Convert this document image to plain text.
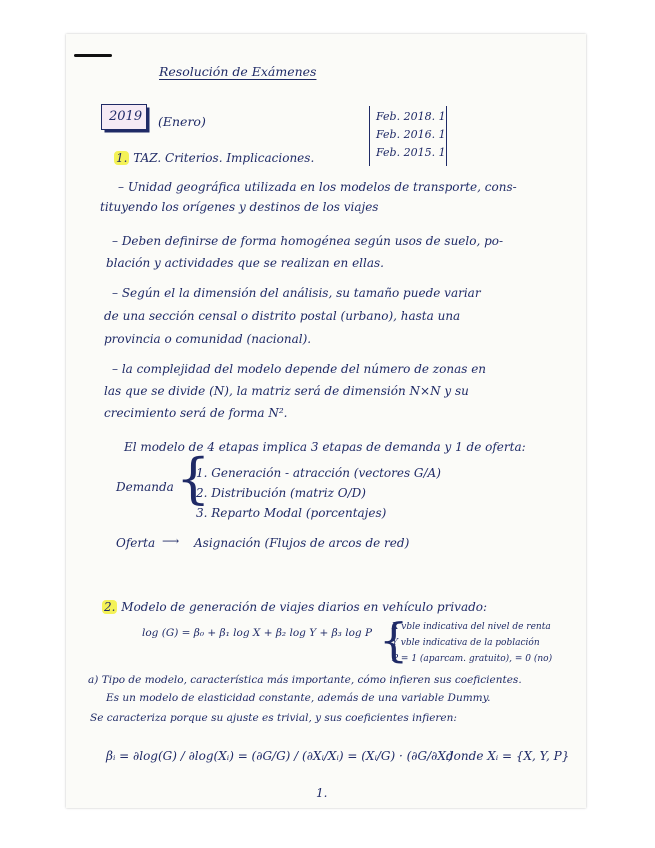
Resolución de Exámenes
2019 (Enero)	Feb. 2018. 1
Feb. 2016. 1
Feb. 2015. 1
1. TAZ. Criterios. Implicaciones.
– Unidad geográfica utilizada en los modelos de transporte, cons-
tituyendo los orígenes y destinos de los viajes
– Deben definirse de forma homogénea según usos de suelo, po-
blación y actividades que se realizan en ellas.
– Según el la dimensión del análisis, su tamaño puede variar
de una sección censal o distrito postal (urbano), hasta una
provincia o comunidad (nacional).
– la complejidad del modelo depende del número de zonas en
las que se divide (N), la matriz será de dimensión N×N y su
crecimiento será de forma N².
El modelo de 4 etapas implica 3 etapas de demanda y 1 de oferta:
Demanda {
1. Generación - atracción (vectores G/A)
2. Distribución (matriz O/D)
3. Reparto Modal (porcentajes)
Oferta ⟶ Asignación (Flujos de arcos de red)
2. Modelo de generación de viajes diarios en vehículo privado:
log (G) = β₀ + β₁ log X + β₂ log Y + β₃ log P {
X vble indicativa del nivel de renta
Y vble indicativa de la población
P = 1 (aparcam. gratuito), = 0 (no)
a) Tipo de modelo, característica más importante, cómo infieren sus coeficientes.
Es un modelo de elasticidad constante, además de una variable Dummy.
Se caracteriza porque su ajuste es trivial, y sus coeficientes infieren:
βᵢ = ∂log(G) / ∂log(Xᵢ) = (∂G/G) / (∂Xᵢ/Xᵢ) = (Xᵢ/G) · (∂G/∂Xᵢ)
donde Xᵢ = {X, Y, P}
1.
